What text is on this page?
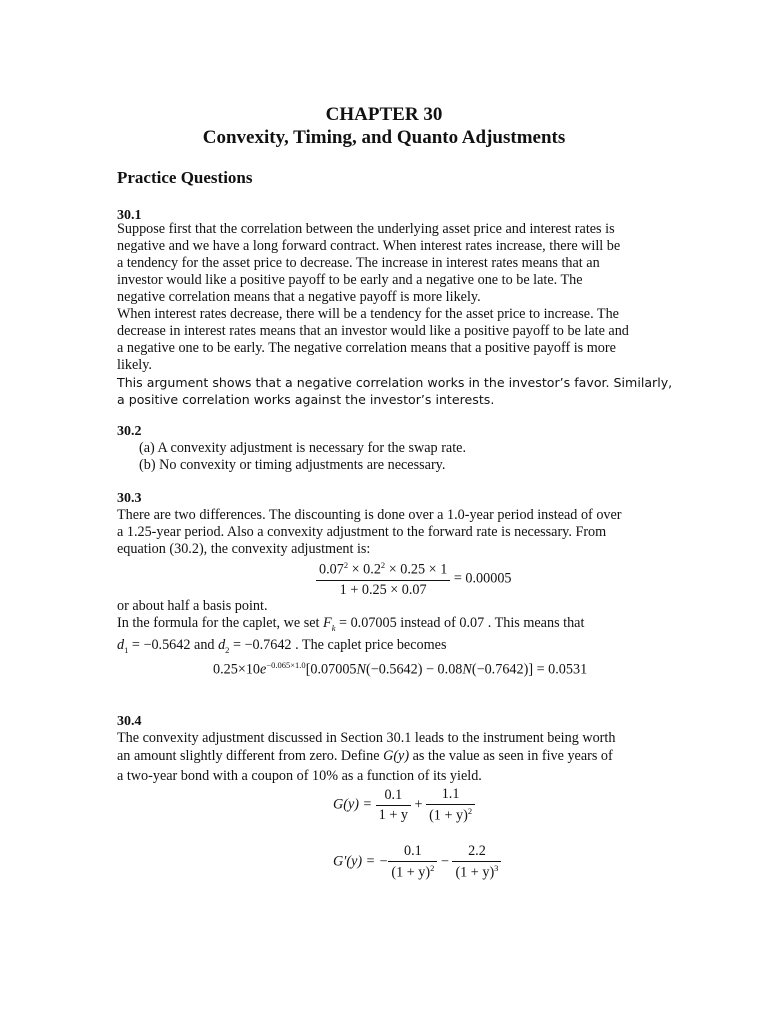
CHAPTER 30
Convexity, Timing, and Quanto Adjustments
Practice Questions
30.1
Suppose first that the correlation between the underlying asset price and interest rates is
negative and we have a long forward contract. When interest rates increase, there will be
a tendency for the asset price to decrease. The increase in interest rates means that an
investor would like a positive payoff to be early and a negative one to be late. The
negative correlation means that a negative payoff is more likely.
When interest rates decrease, there will be a tendency for the asset price to increase. The
decrease in interest rates means that an investor would like a positive payoff to be late and
a negative one to be early. The negative correlation means that a positive payoff is more
likely.
This argument shows that a negative correlation works in the investor’s favor. Similarly,
a positive correlation works against the investor’s interests.
30.2
(a) A convexity adjustment is necessary for the swap rate.
(b) No convexity or timing adjustments are necessary.
30.3
There are two differences. The discounting is done over a 1.0-year period instead of over
a 1.25-year period. Also a convexity adjustment to the forward rate is necessary. From
equation (30.2), the convexity adjustment is:
$\frac{0.07^2 \times 0.2^2 \times 0.25 \times 1}{1 + 0.25 \times 0.07} = 0.00005$
or about half a basis point.
In the formula for the caplet, we set $F_k = 0.07005$ instead of 0.07 . This means that
$d_1 = -0.5642$ and $d_2 = -0.7642$ . The caplet price becomes
$0.25\times 10e^{-0.065\times 1.0}[0.07005N(-0.5642) - 0.08N(-0.7642)] = 0.0531$
30.4
The convexity adjustment discussed in Section 30.1 leads to the instrument being worth
an amount slightly different from zero. Define G(y) as the value as seen in five years of
a two-year bond with a coupon of 10% as a function of its yield.
$G(y) = \frac{0.1}{1 + y} + \frac{1.1}{(1 + y)^2}$
G′(y) = − $\frac{0.1}{(1 + y)^2} - \frac{2.2}{(1 + y)^3}$
